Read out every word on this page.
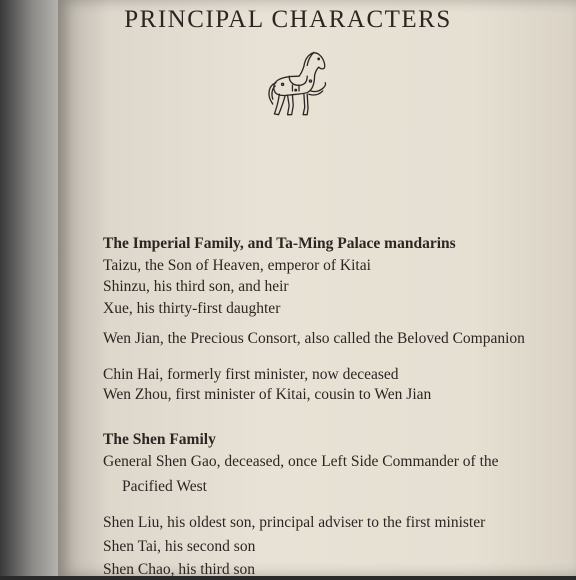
PRINCIPAL CHARACTERS

The Imperial Family, and Ta-Ming Palace mandarins

Taizu, the Son of Heaven, emperor of Kitai

Shinzu, his third son, and heir

Xue, his thirty-first daughter

Wen Jian, the Precious Consort, also called the Beloved Companion

Chin Hai, formerly first minister, now deceased

Wen Zhou, first minister of Kitai, cousin to Wen Jian

The Shen Family

General Shen Gao, deceased, once Left Side Commander of the

Pacified West

Shen Liu, his oldest son, principal adviser to the first minister

Shen Tai, his second son

Shen Chao, his third son
